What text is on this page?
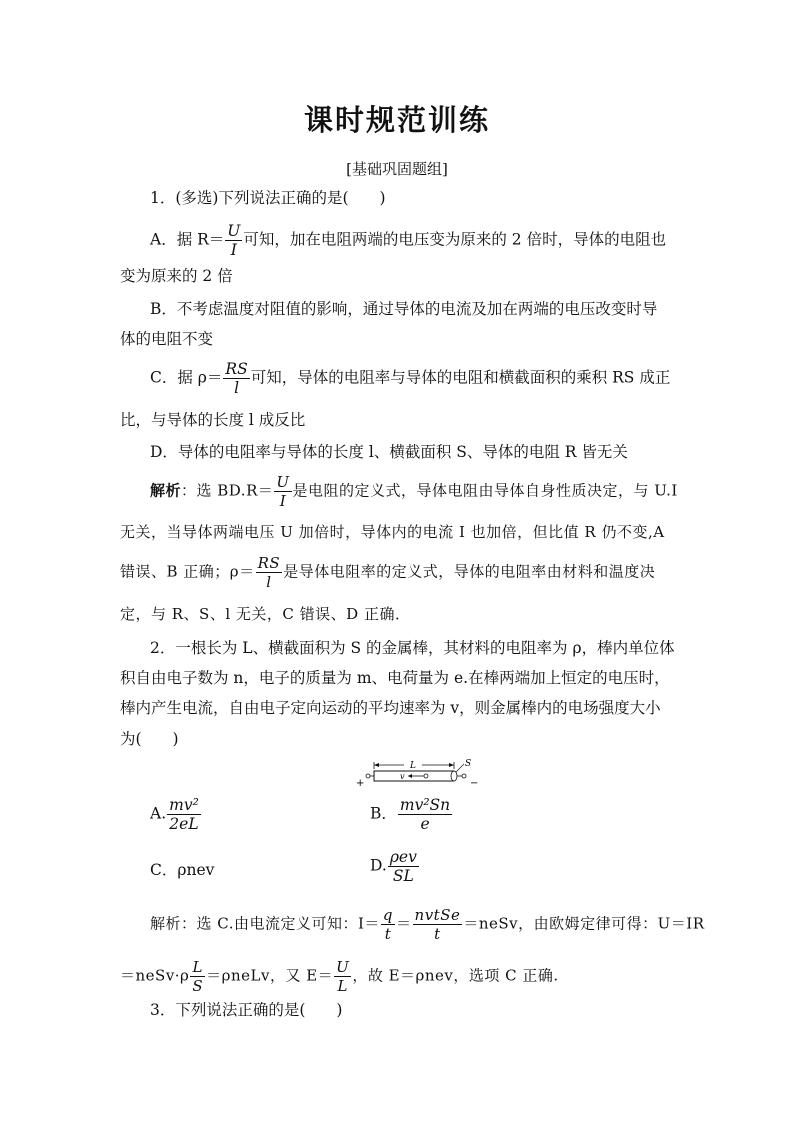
课时规范训练
[基础巩固题组]
1．(多选)下列说法正确的是(　　)
A．据 $R= \frac{U}{I}$ 可知，加在电阻两端的电压变为原来的 2 倍时，导体的电阻也
变为原来的 2 倍
B．不考虑温度对阻值的影响，通过导体的电流及加在两端的电压改变时导
体的电阻不变
C．据 $\rho= \frac{RS}{l}$ 可知，导体的电阻率与导体的电阻和横截面积的乘积 RS 成正
比，与导体的长度 l 成反比
D．导体的电阻率与导体的长度 l、横截面积 S、导体的电阻 R 皆无关
解析：选 $BD.R= \frac{U}{I}$ 是电阻的定义式，导体电阻由导体自身性质决定，与 U.I
无关，当导体两端电压 U 加倍时，导体内的电流 I 也加倍，但比值 R 仍不变,A
错误、B 正确；$\rho= \frac{RS}{l}$ 是导体电阻率的定义式，导体的电阻率由材料和温度决
定，与 R、S、l 无关，C 错误、D 正确．
2．一根长为 L、横截面积为 S 的金属棒，其材料的电阻率为 ρ，棒内单位体
积自由电子数为 n，电子的质量为 m、电荷量为 e.在棒两端加上恒定的电压时，
棒内产生电流，自由电子定向运动的平均速率为 v，则金属棒内的电场强度大小
为(　　)
L
+	−
v
S
A. $\frac{\text{mv²}}{2eL}$	B． $\frac{\text{mv²Sn}}{e}$
C．ρnev	D. $\frac{\text{ρev}}{SL}$
解析：选 C.由电流定义可知：$I= \frac{q}{t} = \frac{\text{nvtSe}}{t}$ ＝neSv，由欧姆定律可得：U＝IR
＝neSv·ρ $\frac{L}{S}$ ＝ρneLv，又 $E= \frac{U}{L}$ ，故 E＝ρnev，选项 C 正确.
3．下列说法正确的是(　　)
